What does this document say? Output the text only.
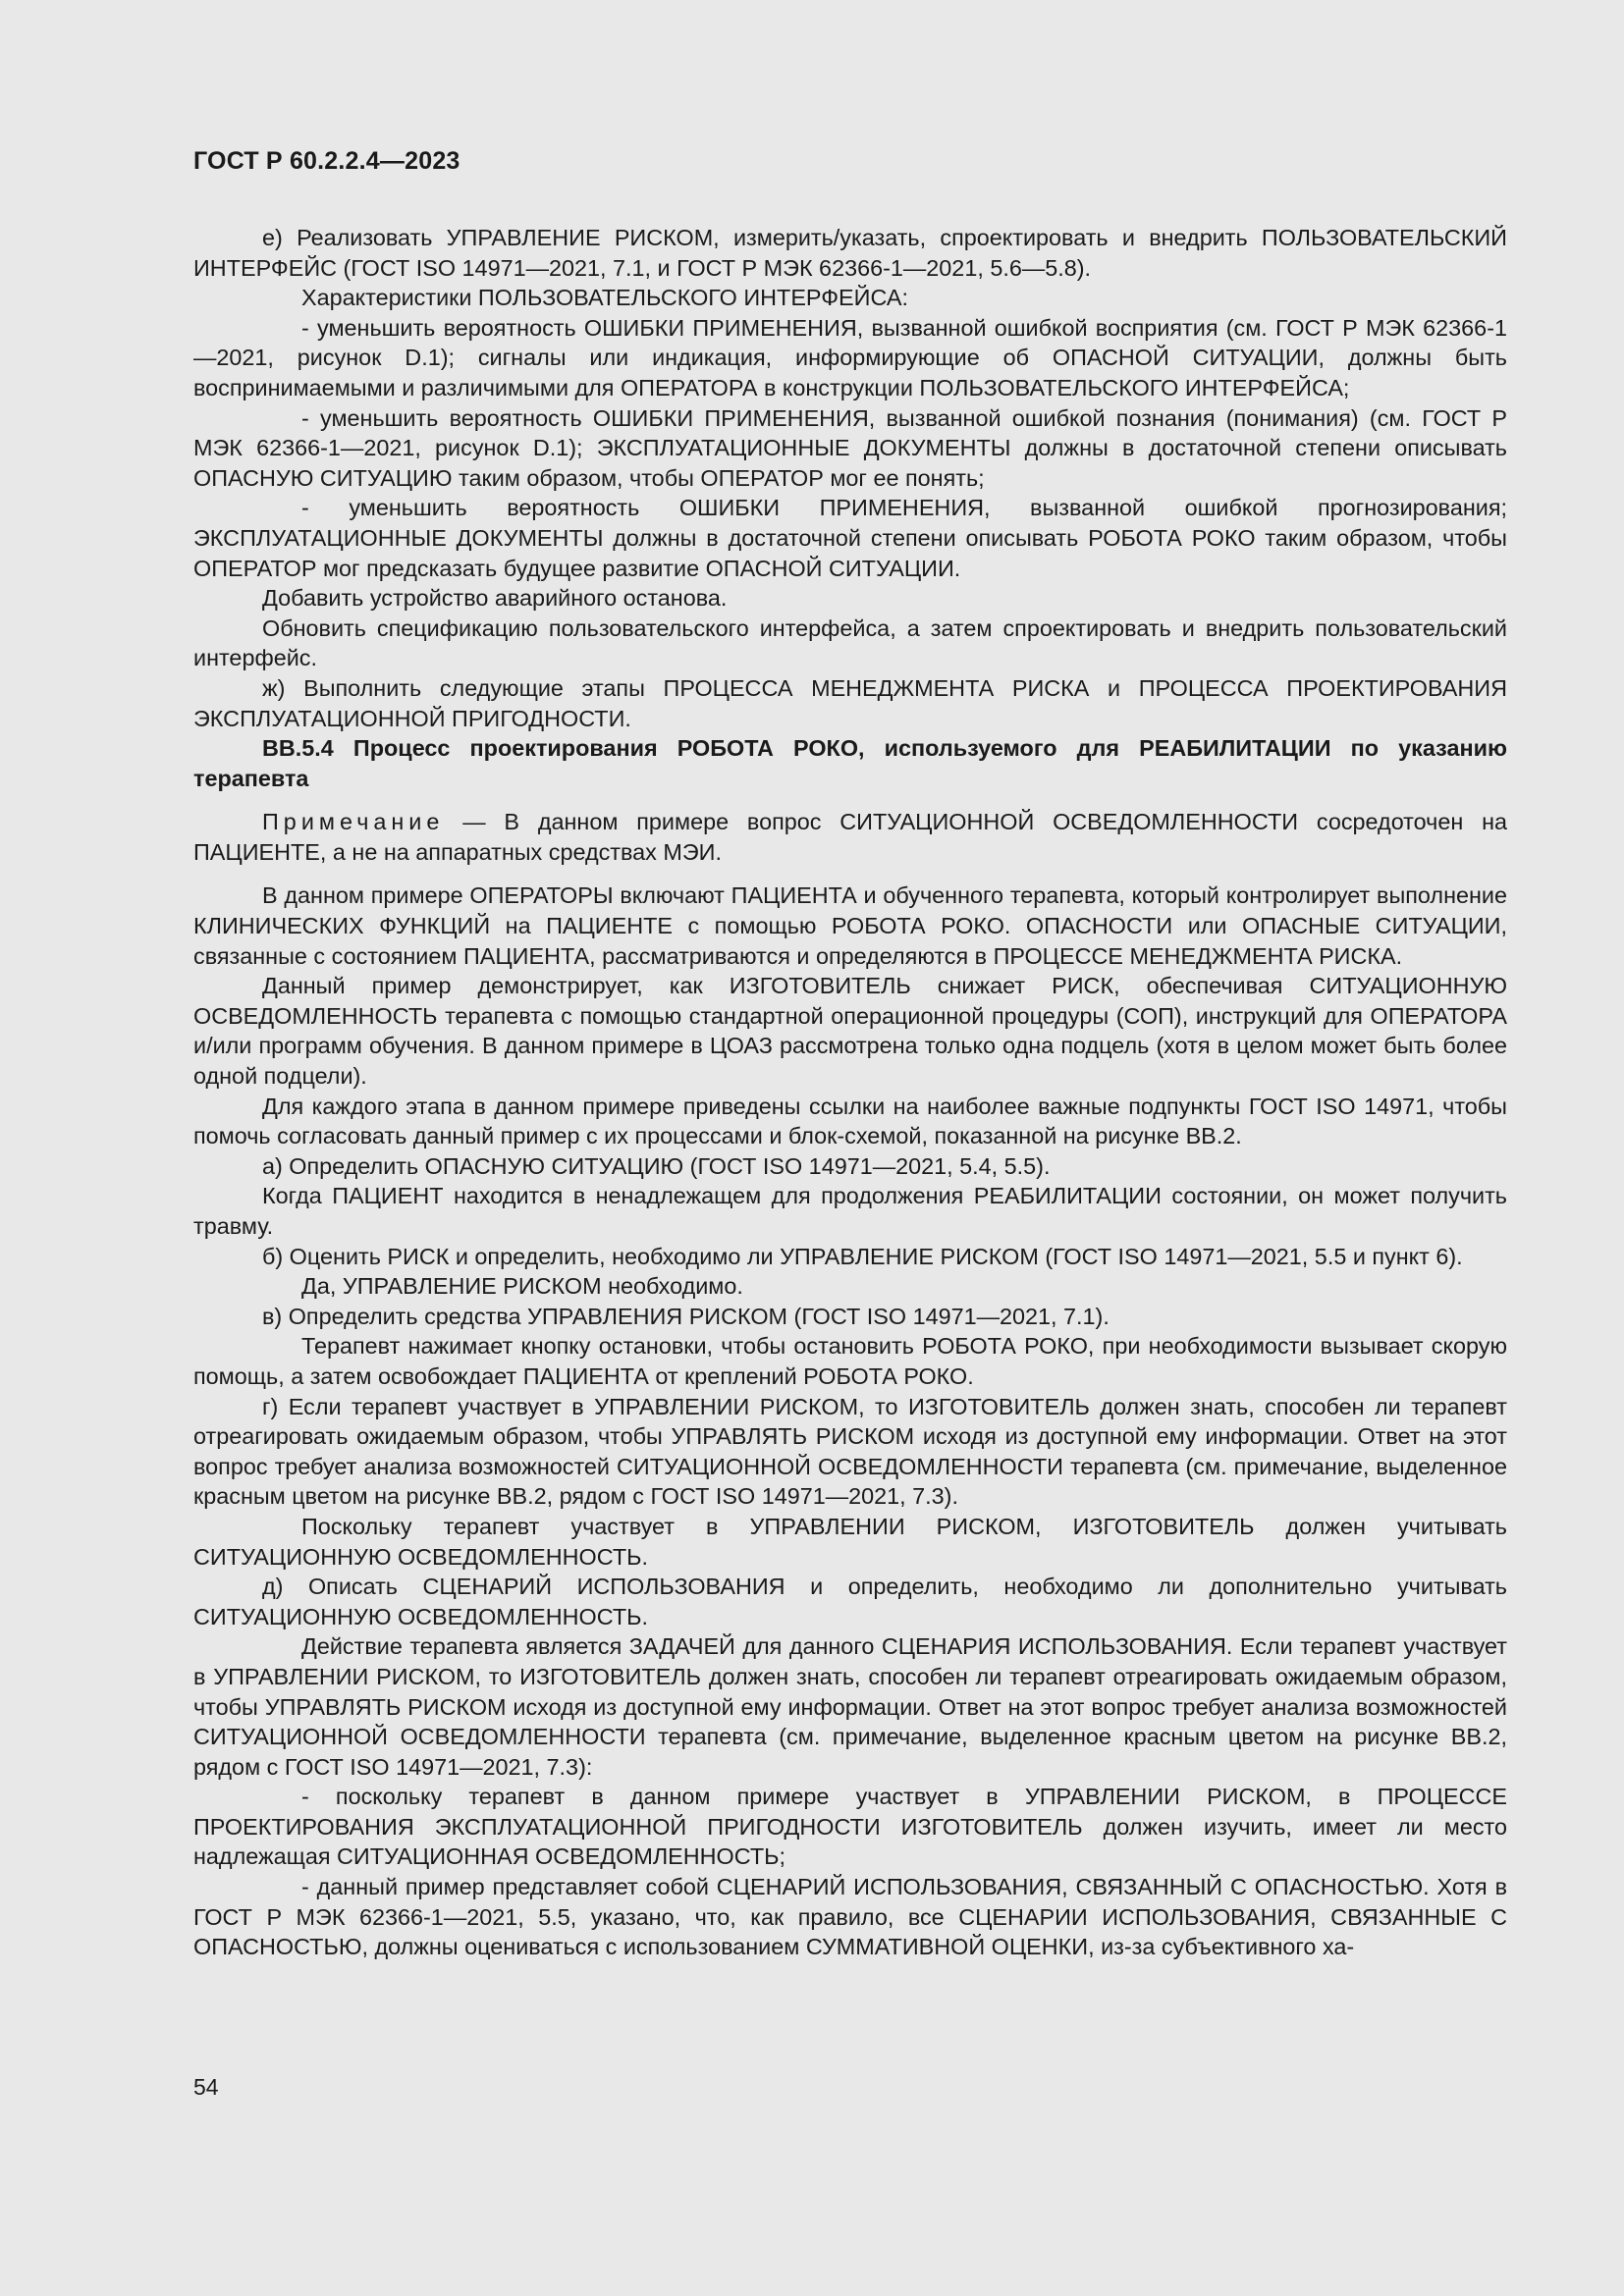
ГОСТ Р 60.2.2.4—2023

е) Реализовать УПРАВЛЕНИЕ РИСКОМ, измерить/указать, спроектировать и внедрить ПОЛЬЗОВАТЕЛЬСКИЙ ИНТЕРФЕЙС (ГОСТ ISO 14971—2021, 7.1, и ГОСТ Р МЭК 62366-1—2021, 5.6—5.8).

Характеристики ПОЛЬЗОВАТЕЛЬСКОГО ИНТЕРФЕЙСА:

- уменьшить вероятность ОШИБКИ ПРИМЕНЕНИЯ, вызванной ошибкой восприятия (см. ГОСТ Р МЭК 62366-1—2021, рисунок D.1); сигналы или индикация, информирующие об ОПАСНОЙ СИТУАЦИИ, должны быть воспринимаемыми и различимыми для ОПЕРАТОРА в конструкции ПОЛЬЗОВАТЕЛЬСКОГО ИНТЕРФЕЙСА;

- уменьшить вероятность ОШИБКИ ПРИМЕНЕНИЯ, вызванной ошибкой познания (понимания) (см. ГОСТ Р МЭК 62366-1—2021, рисунок D.1); ЭКСПЛУАТАЦИОННЫЕ ДОКУМЕНТЫ должны в достаточной степени описывать ОПАСНУЮ СИТУАЦИЮ таким образом, чтобы ОПЕРАТОР мог ее понять;

- уменьшить вероятность ОШИБКИ ПРИМЕНЕНИЯ, вызванной ошибкой прогнозирования; ЭКСПЛУАТАЦИОННЫЕ ДОКУМЕНТЫ должны в достаточной степени описывать РОБОТА РОКО таким образом, чтобы ОПЕРАТОР мог предсказать будущее развитие ОПАСНОЙ СИТУАЦИИ.

Добавить устройство аварийного останова.

Обновить спецификацию пользовательского интерфейса, а затем спроектировать и внедрить пользовательский интерфейс.

ж) Выполнить следующие этапы ПРОЦЕССА МЕНЕДЖМЕНТА РИСКА и ПРОЦЕССА ПРОЕКТИРОВАНИЯ ЭКСПЛУАТАЦИОННОЙ ПРИГОДНОСТИ.

ВВ.5.4 Процесс проектирования РОБОТА РОКО, используемого для РЕАБИЛИТАЦИИ по указанию терапевта

Примечание — В данном примере вопрос СИТУАЦИОННОЙ ОСВЕДОМЛЕННОСТИ сосредоточен на ПАЦИЕНТЕ, а не на аппаратных средствах МЭИ.

В данном примере ОПЕРАТОРЫ включают ПАЦИЕНТА и обученного терапевта, который контролирует выполнение КЛИНИЧЕСКИХ ФУНКЦИЙ на ПАЦИЕНТЕ с помощью РОБОТА РОКО. ОПАСНОСТИ или ОПАСНЫЕ СИТУАЦИИ, связанные с состоянием ПАЦИЕНТА, рассматриваются и определяются в ПРОЦЕССЕ МЕНЕДЖМЕНТА РИСКА.

Данный пример демонстрирует, как ИЗГОТОВИТЕЛЬ снижает РИСК, обеспечивая СИТУАЦИОННУЮ ОСВЕДОМЛЕННОСТЬ терапевта с помощью стандартной операционной процедуры (СОП), инструкций для ОПЕРАТОРА и/или программ обучения. В данном примере в ЦОАЗ рассмотрена только одна подцель (хотя в целом может быть более одной подцели).

Для каждого этапа в данном примере приведены ссылки на наиболее важные подпункты ГОСТ ISO 14971, чтобы помочь согласовать данный пример с их процессами и блок-схемой, показанной на рисунке ВВ.2.

а) Определить ОПАСНУЮ СИТУАЦИЮ (ГОСТ ISO 14971—2021, 5.4, 5.5).

Когда ПАЦИЕНТ находится в ненадлежащем для продолжения РЕАБИЛИТАЦИИ состоянии, он может получить травму.

б) Оценить РИСК и определить, необходимо ли УПРАВЛЕНИЕ РИСКОМ (ГОСТ ISO 14971—2021, 5.5 и пункт 6).

Да, УПРАВЛЕНИЕ РИСКОМ необходимо.

в) Определить средства УПРАВЛЕНИЯ РИСКОМ (ГОСТ ISO 14971—2021, 7.1).

Терапевт нажимает кнопку остановки, чтобы остановить РОБОТА РОКО, при необходимости вызывает скорую помощь, а затем освобождает ПАЦИЕНТА от креплений РОБОТА РОКО.

г) Если терапевт участвует в УПРАВЛЕНИИ РИСКОМ, то ИЗГОТОВИТЕЛЬ должен знать, способен ли терапевт отреагировать ожидаемым образом, чтобы УПРАВЛЯТЬ РИСКОМ исходя из доступной ему информации. Ответ на этот вопрос требует анализа возможностей СИТУАЦИОННОЙ ОСВЕДОМЛЕННОСТИ терапевта (см. примечание, выделенное красным цветом на рисунке ВВ.2, рядом с ГОСТ ISO 14971—2021, 7.3).

Поскольку терапевт участвует в УПРАВЛЕНИИ РИСКОМ, ИЗГОТОВИТЕЛЬ должен учитывать СИТУАЦИОННУЮ ОСВЕДОМЛЕННОСТЬ.

д) Описать СЦЕНАРИЙ ИСПОЛЬЗОВАНИЯ и определить, необходимо ли дополнительно учитывать СИТУАЦИОННУЮ ОСВЕДОМЛЕННОСТЬ.

Действие терапевта является ЗАДАЧЕЙ для данного СЦЕНАРИЯ ИСПОЛЬЗОВАНИЯ. Если терапевт участвует в УПРАВЛЕНИИ РИСКОМ, то ИЗГОТОВИТЕЛЬ должен знать, способен ли терапевт отреагировать ожидаемым образом, чтобы УПРАВЛЯТЬ РИСКОМ исходя из доступной ему информации. Ответ на этот вопрос требует анализа возможностей СИТУАЦИОННОЙ ОСВЕДОМЛЕННОСТИ терапевта (см. примечание, выделенное красным цветом на рисунке ВВ.2, рядом с ГОСТ ISO 14971—2021, 7.3):

- поскольку терапевт в данном примере участвует в УПРАВЛЕНИИ РИСКОМ, в ПРОЦЕССЕ ПРОЕКТИРОВАНИЯ ЭКСПЛУАТАЦИОННОЙ ПРИГОДНОСТИ ИЗГОТОВИТЕЛЬ должен изучить, имеет ли место надлежащая СИТУАЦИОННАЯ ОСВЕДОМЛЕННОСТЬ;

- данный пример представляет собой СЦЕНАРИЙ ИСПОЛЬЗОВАНИЯ, СВЯЗАННЫЙ С ОПАСНОСТЬЮ. Хотя в ГОСТ Р МЭК 62366-1—2021, 5.5, указано, что, как правило, все СЦЕНАРИИ ИСПОЛЬЗОВАНИЯ, СВЯЗАННЫЕ С ОПАСНОСТЬЮ, должны оцениваться с использованием СУММАТИВНОЙ ОЦЕНКИ, из-за субъективного ха-

54
